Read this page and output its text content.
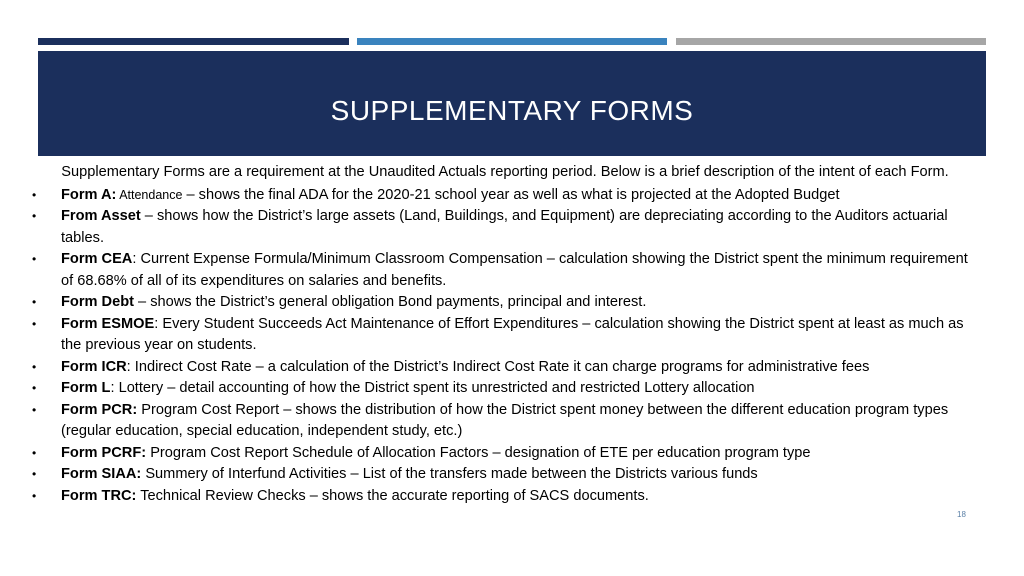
SUPPLEMENTARY FORMS

Supplementary Forms are a requirement at the Unaudited Actuals reporting period. Below is a brief description of the intent of each Form.

• Form A: Attendance – shows the final ADA for the 2020-21 school year as well as what is projected at the Adopted Budget
• From Asset – shows how the District’s large assets (Land, Buildings, and Equipment) are depreciating according to the Auditors actuarial tables.
• Form CEA: Current Expense Formula/Minimum Classroom Compensation – calculation showing the District spent the minimum requirement of 68.68% of all of its expenditures on salaries and benefits.
• Form Debt – shows the District’s general obligation Bond payments, principal and interest.
• Form ESMOE: Every Student Succeeds Act Maintenance of Effort Expenditures – calculation showing the District spent at least as much as the previous year on students.
• Form ICR: Indirect Cost Rate – a calculation of the District’s Indirect Cost Rate it can charge programs for administrative fees
• Form L: Lottery – detail accounting of how the District spent its unrestricted and restricted Lottery allocation
• Form PCR: Program Cost Report – shows the distribution of how the District spent money between the different education program types (regular education, special education, independent study, etc.)
• Form PCRF: Program Cost Report Schedule of Allocation Factors – designation of ETE per education program type
• Form SIAA: Summery of Interfund Activities – List of the transfers made between the Districts various funds
• Form TRC: Technical Review Checks – shows the accurate reporting of SACS documents.
18
